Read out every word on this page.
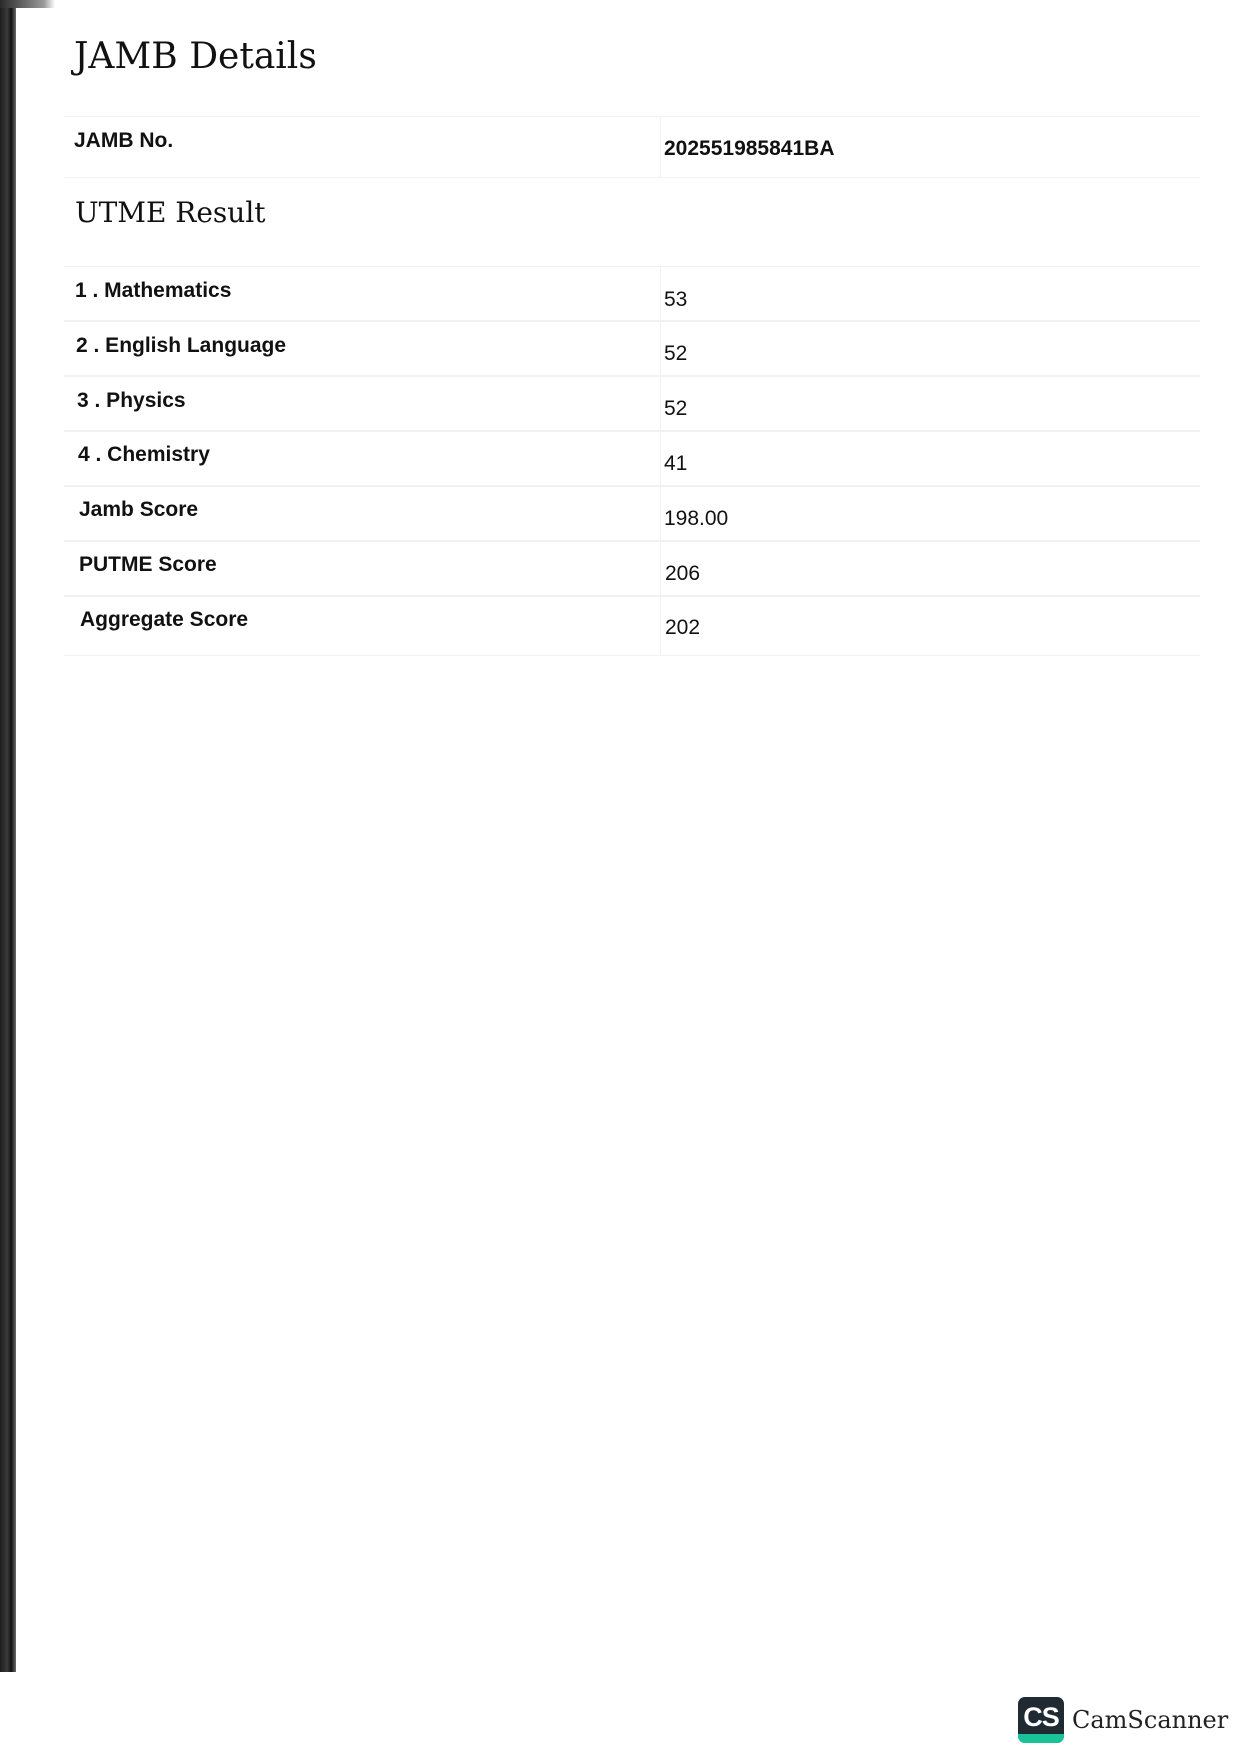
JAMB Details
JAMB No.	202551985841BA
UTME Result
1 . Mathematics	53
2 . English Language	52
3 . Physics	52
4 . Chemistry	41
Jamb Score	198.00
PUTME Score	206
Aggregate Score	202
CS CamScanner
